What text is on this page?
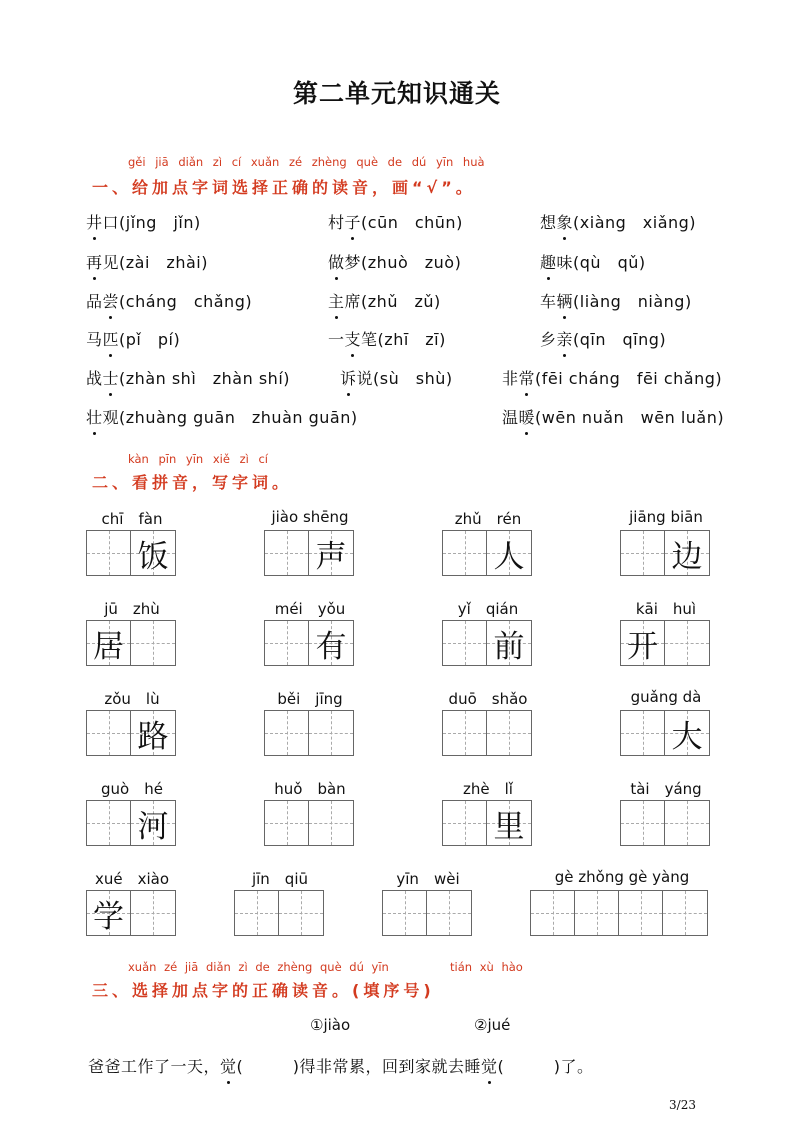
第二单元知识通关
gěi jiā diǎn zì cí xuǎn zé zhèng què de dú yīn huà
一、给加点字词选择正确的读音，画“√”。
井口(jǐng　jǐn)	村子(cūn　chūn)	想象(xiàng　xiǎng)
再见(zài　zhài)	做梦(zhuò　zuò)	趣味(qù　qǔ)
品尝(cháng　chǎng)	主席(zhǔ　zǔ)	车辆(liàng　niàng)
马匹(pǐ　pí)	一支笔(zhī　zī)	乡亲(qīn　qīng)
战士(zhàn shì　zhàn shí)	诉说(sù　shù)	非常(fēi cháng　fēi chǎng)
壮观(zhuàng guān　zhuàn guān)	温暖(wēn nuǎn　wēn luǎn)
kàn pīn yīn xiě zì cí
二、看拼音，写字词。
chī　fàn
饭
jiào shēng
声
zhǔ　rén
人
jiāng biān
边
jū　zhù
居
méi　yǒu
有
yǐ　qián
前
kāi　huì
开
zǒu　lù
路
běi　jīng	duō　shǎo	guǎng dà
大
guò　hé
河
huǒ　bàn	zhè　lǐ
里
tài　yáng
xué　xiào
学
jīn　qiū	yīn　wèi	gè zhǒng gè yàng
xuǎn zé jiā diǎn zì de zhèng què dú yīn	tián xù hào
三、选择加点字的正确读音。(填序号)
①jiào	②jué
爸爸工作了一天，觉(　　　)得非常累，回到家就去睡觉(　　　)了。
3/23
